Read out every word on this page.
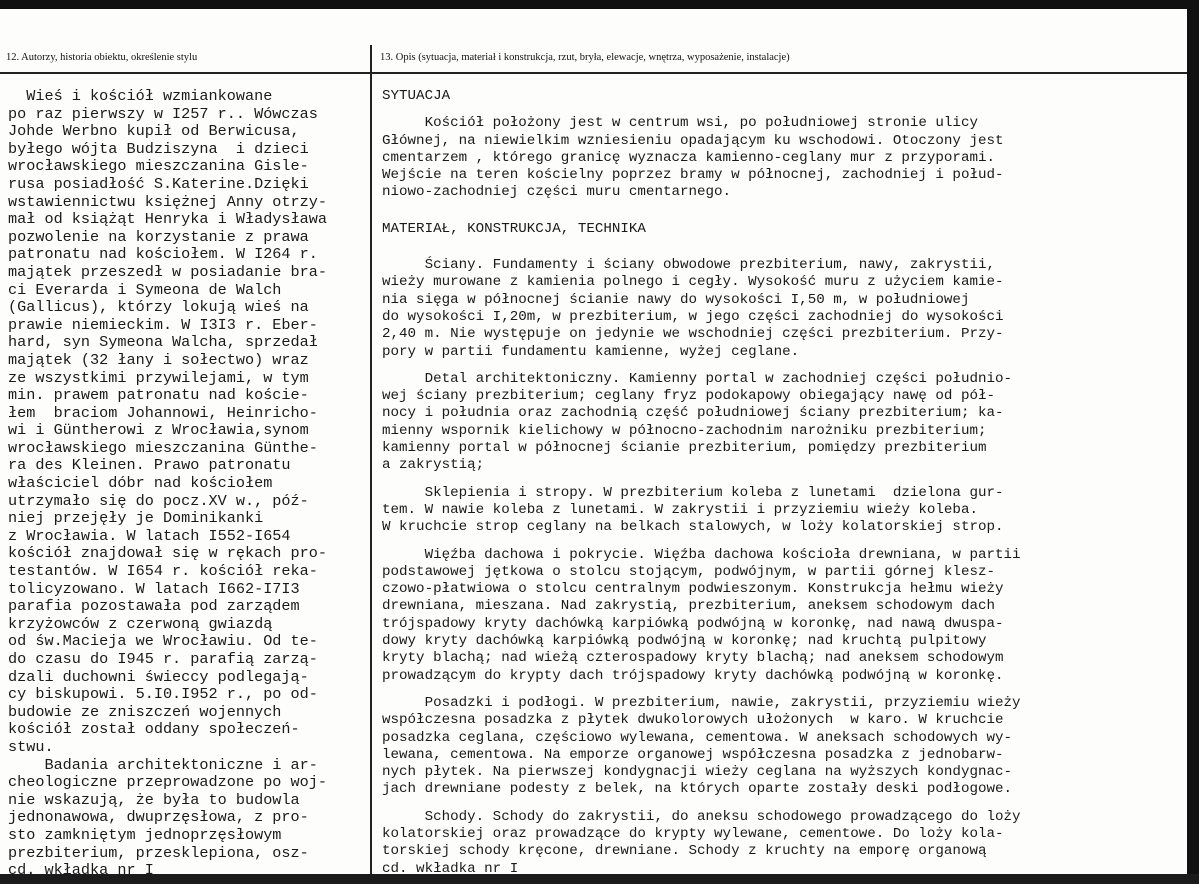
12. Autorzy, historia obiektu, określenie stylu	13. Opis (sytuacja, materiał i konstrukcja, rzut, bryła, elewacje, wnętrza, wyposażenie, instalacje)
Wieś i kościół wzmiankowane
po raz pierwszy w I257 r.. Wówczas
Johde Werbno kupił od Berwicusa,
byłego wójta Budziszyna  i dzieci
wrocławskiego mieszczanina Gisle-
rusa posiadłość S.Katerine.Dzięki
wstawiennictwu księżnej Anny otrzy-
mał od książąt Henryka i Władysława
pozwolenie na korzystanie z prawa
patronatu nad kościołem. W I264 r.
majątek przeszedł w posiadanie bra-
ci Everarda i Symeona de Walch
(Gallicus), którzy lokują wieś na
prawie niemieckim. W I3I3 r. Eber-
hard, syn Symeona Walcha, sprzedał
majątek (32 łany i sołectwo) wraz
ze wszystkimi przywilejami, w tym
min. prawem patronatu nad koście-
łem  braciom Johannowi, Heinricho-
wi i Güntherowi z Wrocławia,synom
wrocławskiego mieszczanina Günthe-
ra des Kleinen. Prawo patronatu
właściciel dóbr nad kościołem
utrzymało się do pocz.XV w., póź-
niej przejęły je Dominikanki
z Wrocławia. W latach I552-I654
kościół znajdował się w rękach pro-
testantów. W I654 r. kościół reka-
tolicyzowano. W latach I662-I7I3
parafia pozostawała pod zarządem
krzyżowców z czerwoną gwiazdą
od św.Macieja we Wrocławiu. Od te-
do czasu do I945 r. parafią zarzą-
dzali duchowni świeccy podlegają-
cy biskupowi. 5.I0.I952 r., po od-
budowie ze zniszczeń wojennych
kościół został oddany społeczeń-
stwu.
Badania architektoniczne i ar-
cheologiczne przeprowadzone po woj-
nie wskazują, że była to budowla
jednonawowa, dwuprzęsłowa, z pro-
sto zamkniętym jednoprzęsłowym
prezbiterium, przesklepiona, osz-
cd. wkładka nr I
SYTUACJA
Kościół położony jest w centrum wsi, po południowej stronie ulicy
Głównej, na niewielkim wzniesieniu opadającym ku wschodowi. Otoczony jest
cmentarzem , którego granicę wyznacza kamienno-ceglany mur z przyporami.
Wejście na teren kościelny poprzez bramy w północnej, zachodniej i połud-
niowo-zachodniej części muru cmentarnego.
MATERIAŁ, KONSTRUKCJA, TECHNIKA
Ściany. Fundamenty i ściany obwodowe prezbiterium, nawy, zakrystii,
wieży murowane z kamienia polnego i cegły. Wysokość muru z użyciem kamie-
nia sięga w północnej ścianie nawy do wysokości I,50 m, w południowej
do wysokości I,20m, w prezbiterium, w jego części zachodniej do wysokości
2,40 m. Nie występuje on jedynie we wschodniej części prezbiterium. Przy-
pory w partii fundamentu kamienne, wyżej ceglane.
Detal architektoniczny. Kamienny portal w zachodniej części południo-
wej ściany prezbiterium; ceglany fryz podokapowy obiegający nawę od pół-
nocy i południa oraz zachodnią część południowej ściany prezbiterium; ka-
mienny wspornik kielichowy w północno-zachodnim narożniku prezbiterium;
kamienny portal w północnej ścianie prezbiterium, pomiędzy prezbiterium
a zakrystią;
Sklepienia i stropy. W prezbiterium koleba z lunetami  dzielona gur-
tem. W nawie koleba z lunetami. W zakrystii i przyziemiu wieży koleba.
W kruchcie strop ceglany na belkach stalowych, w loży kolatorskiej strop.
Więźba dachowa i pokrycie. Więźba dachowa kościoła drewniana, w partii
podstawowej jętkowa o stolcu stojącym, podwójnym, w partii górnej klesz-
czowo-płatwiowa o stolcu centralnym podwieszonym. Konstrukcja hełmu wieży
drewniana, mieszana. Nad zakrystią, prezbiterium, aneksem schodowym dach
trójspadowy kryty dachówką karpiówką podwójną w koronkę, nad nawą dwuspa-
dowy kryty dachówką karpiówką podwójną w koronkę; nad kruchtą pulpitowy
kryty blachą; nad wieżą czterospadowy kryty blachą; nad aneksem schodowym
prowadzącym do krypty dach trójspadowy kryty dachówką podwójną w koronkę.
Posadzki i podłogi. W prezbiterium, nawie, zakrystii, przyziemiu wieży
współczesna posadzka z płytek dwukolorowych ułożonych  w karo. W kruchcie
posadzka ceglana, częściowo wylewana, cementowa. W aneksach schodowych wy-
lewana, cementowa. Na emporze organowej współczesna posadzka z jednobarw-
nych płytek. Na pierwszej kondygnacji wieży ceglana na wyższych kondygnac-
jach drewniane podesty z belek, na których oparte zostały deski podłogowe.
Schody. Schody do zakrystii, do aneksu schodowego prowadzącego do loży
kolatorskiej oraz prowadzące do krypty wylewane, cementowe. Do loży kola-
torskiej schody kręcone, drewniane. Schody z kruchty na emporę organową
cd. wkładka nr I
